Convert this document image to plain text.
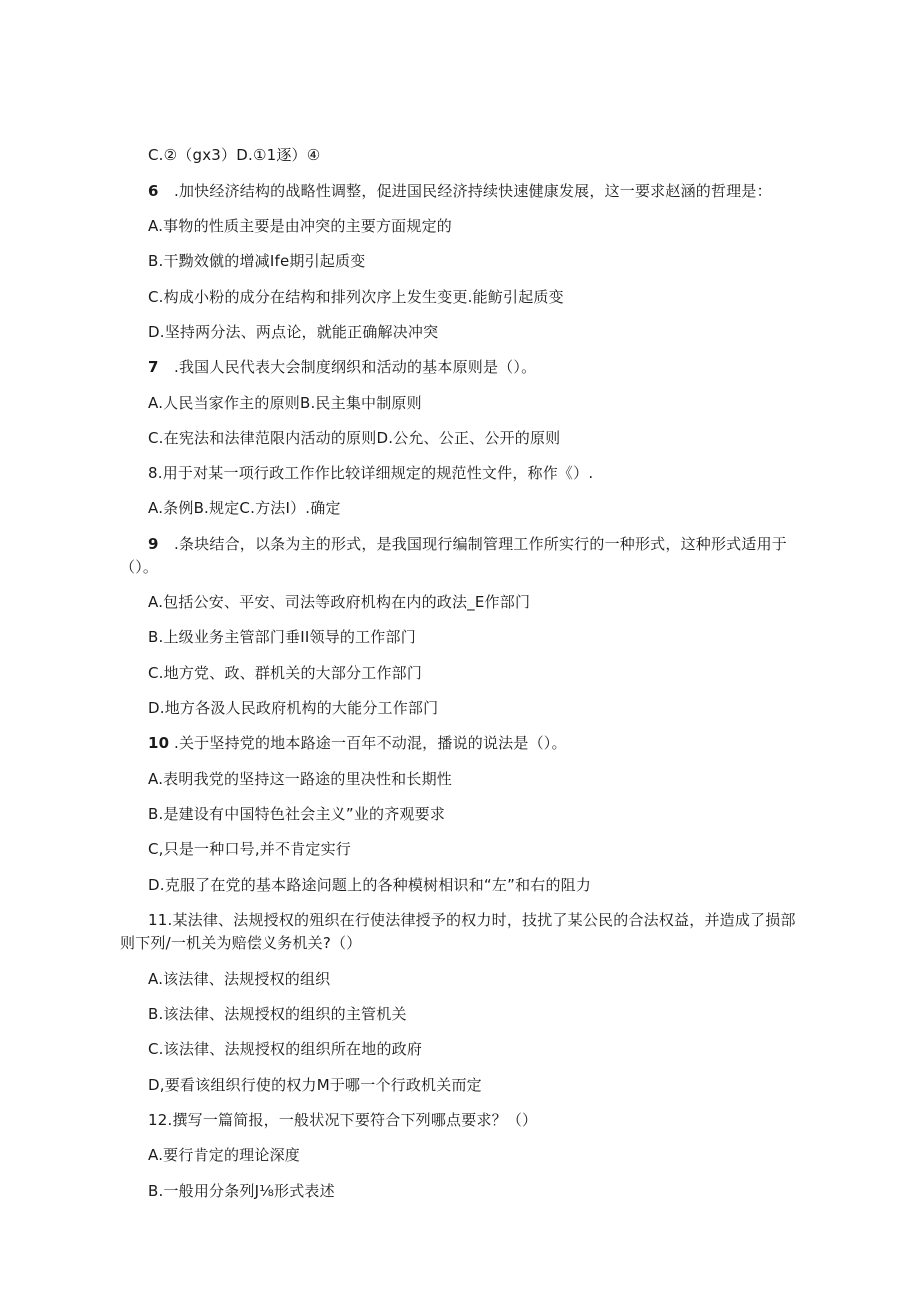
C.②（gx3）D.①1逐）④
6 .加快经济结构的战略性调整，促进国民经济持续快速健康发展，这一要求赵涵的哲理是：
A.事物的性质主要是由冲突的主要方面规定的
B.干黝效僦的增减Ife期引起质变
C.构成小粉的成分在结构和排列次序上发生变更.能鲂引起质变
D.坚持两分法、两点论，就能正确解决冲突
7 .我国人民代表大会制度纲织和活动的基本原则是（）。
A.人民当家作主的原则B.民主集中制原则
C.在宪法和法律范限内活动的原则D.公允、公正、公开的原则
8.用于对某一项行政工作作比较详细规定的规范性文件，称作《）.
A.条例B.规定C.方法I）.确定
9 .条块结合，以条为主的形式，是我国现行编制管理工作所实行的一种形式，这种形式适用于
（）。
A.包括公安、平安、司法等政府机构在内的政法_E作部门
B.上级业务主管部门垂II领导的工作部门
C.地方党、政、群机关的大部分工作部门
D.地方各汲人民政府机构的大能分工作部门
10 .关于坚持党的地本路途一百年不动混，播说的说法是（）。
A.表明我党的坚持这一路途的里决性和长期性
B.是建设有中国特色社会主义”业的齐观要求
C,只是一种口号,并不肯定实行
D.克服了在党的基本路途问题上的各种模树相识和“左”和右的阻力
11.某法律、法规授权的殂织在行使法律授予的权力时，技扰了某公民的合法权益，并造成了损部
则下列/一机关为赔偿义务机关?（）
A.该法律、法规授权的组织
B.该法律、法规授权的组织的主管机关
C.该法律、法规授权的组织所在地的政府
D,要看该组织行使的权力M于哪一个行政机关而定
12.撰写一篇简报，一般状况下要符合下列哪点要求？（）
A.要行肯定的理论深度
B.一般用分条列J⅛形式表述
